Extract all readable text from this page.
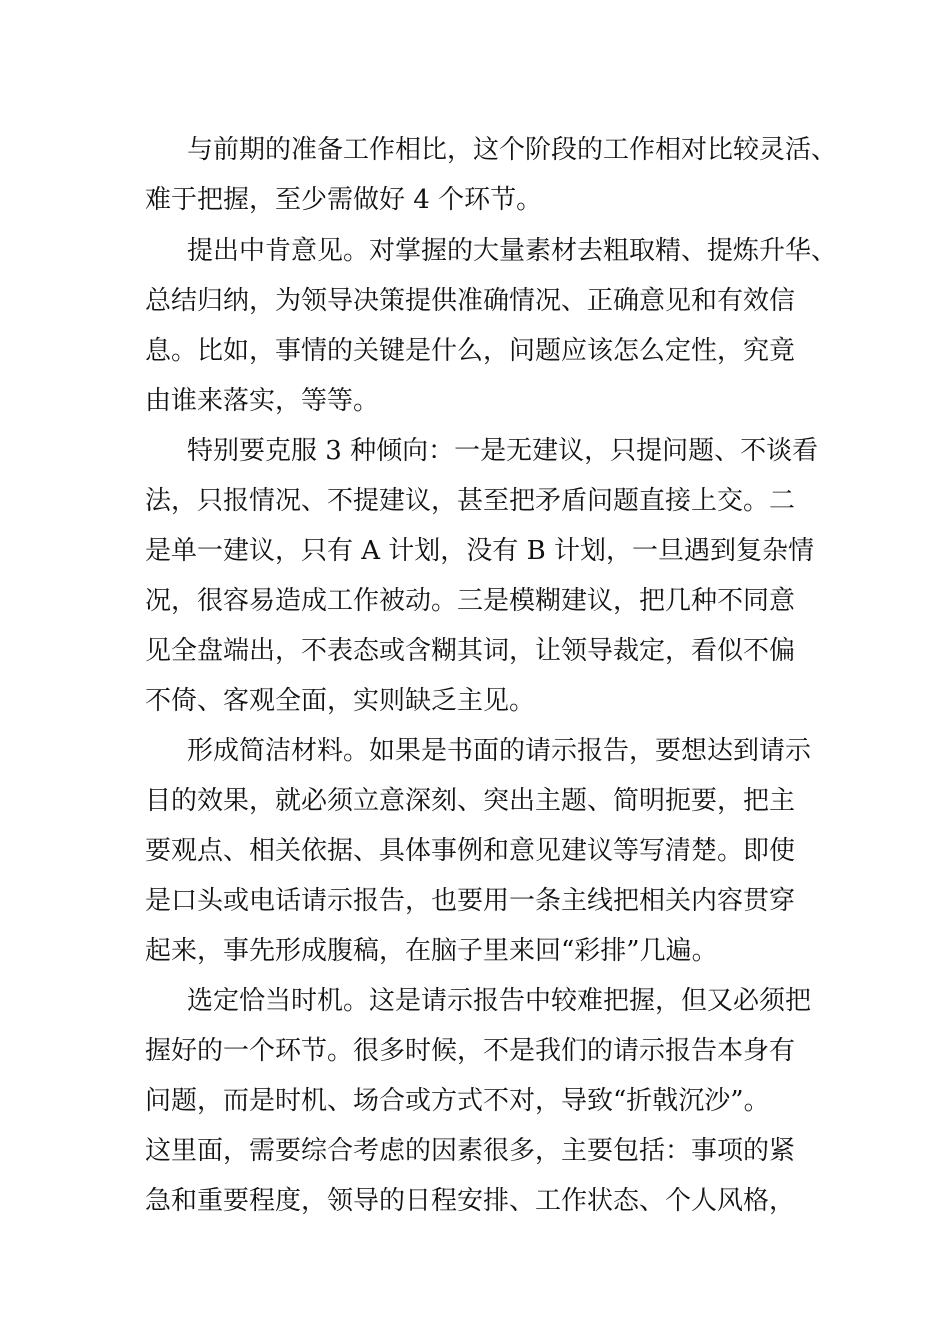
与前期的准备工作相比，这个阶段的工作相对比较灵活、
难于把握，至少需做好 4 个环节。
提出中肯意见。对掌握的大量素材去粗取精、提炼升华、
总结归纳，为领导决策提供准确情况、正确意见和有效信
息。比如，事情的关键是什么，问题应该怎么定性，究竟
由谁来落实，等等。
特别要克服 3 种倾向：一是无建议，只提问题、不谈看
法，只报情况、不提建议，甚至把矛盾问题直接上交。二
是单一建议，只有 A 计划，没有 B 计划，一旦遇到复杂情
况，很容易造成工作被动。三是模糊建议，把几种不同意
见全盘端出，不表态或含糊其词，让领导裁定，看似不偏
不倚、客观全面，实则缺乏主见。
形成简洁材料。如果是书面的请示报告，要想达到请示
目的效果，就必须立意深刻、突出主题、简明扼要，把主
要观点、相关依据、具体事例和意见建议等写清楚。即使
是口头或电话请示报告，也要用一条主线把相关内容贯穿
起来，事先形成腹稿，在脑子里来回“彩排”几遍。
选定恰当时机。这是请示报告中较难把握，但又必须把
握好的一个环节。很多时候，不是我们的请示报告本身有
问题，而是时机、场合或方式不对，导致“折戟沉沙”。
这里面，需要综合考虑的因素很多，主要包括：事项的紧
急和重要程度，领导的日程安排、工作状态、个人风格，
